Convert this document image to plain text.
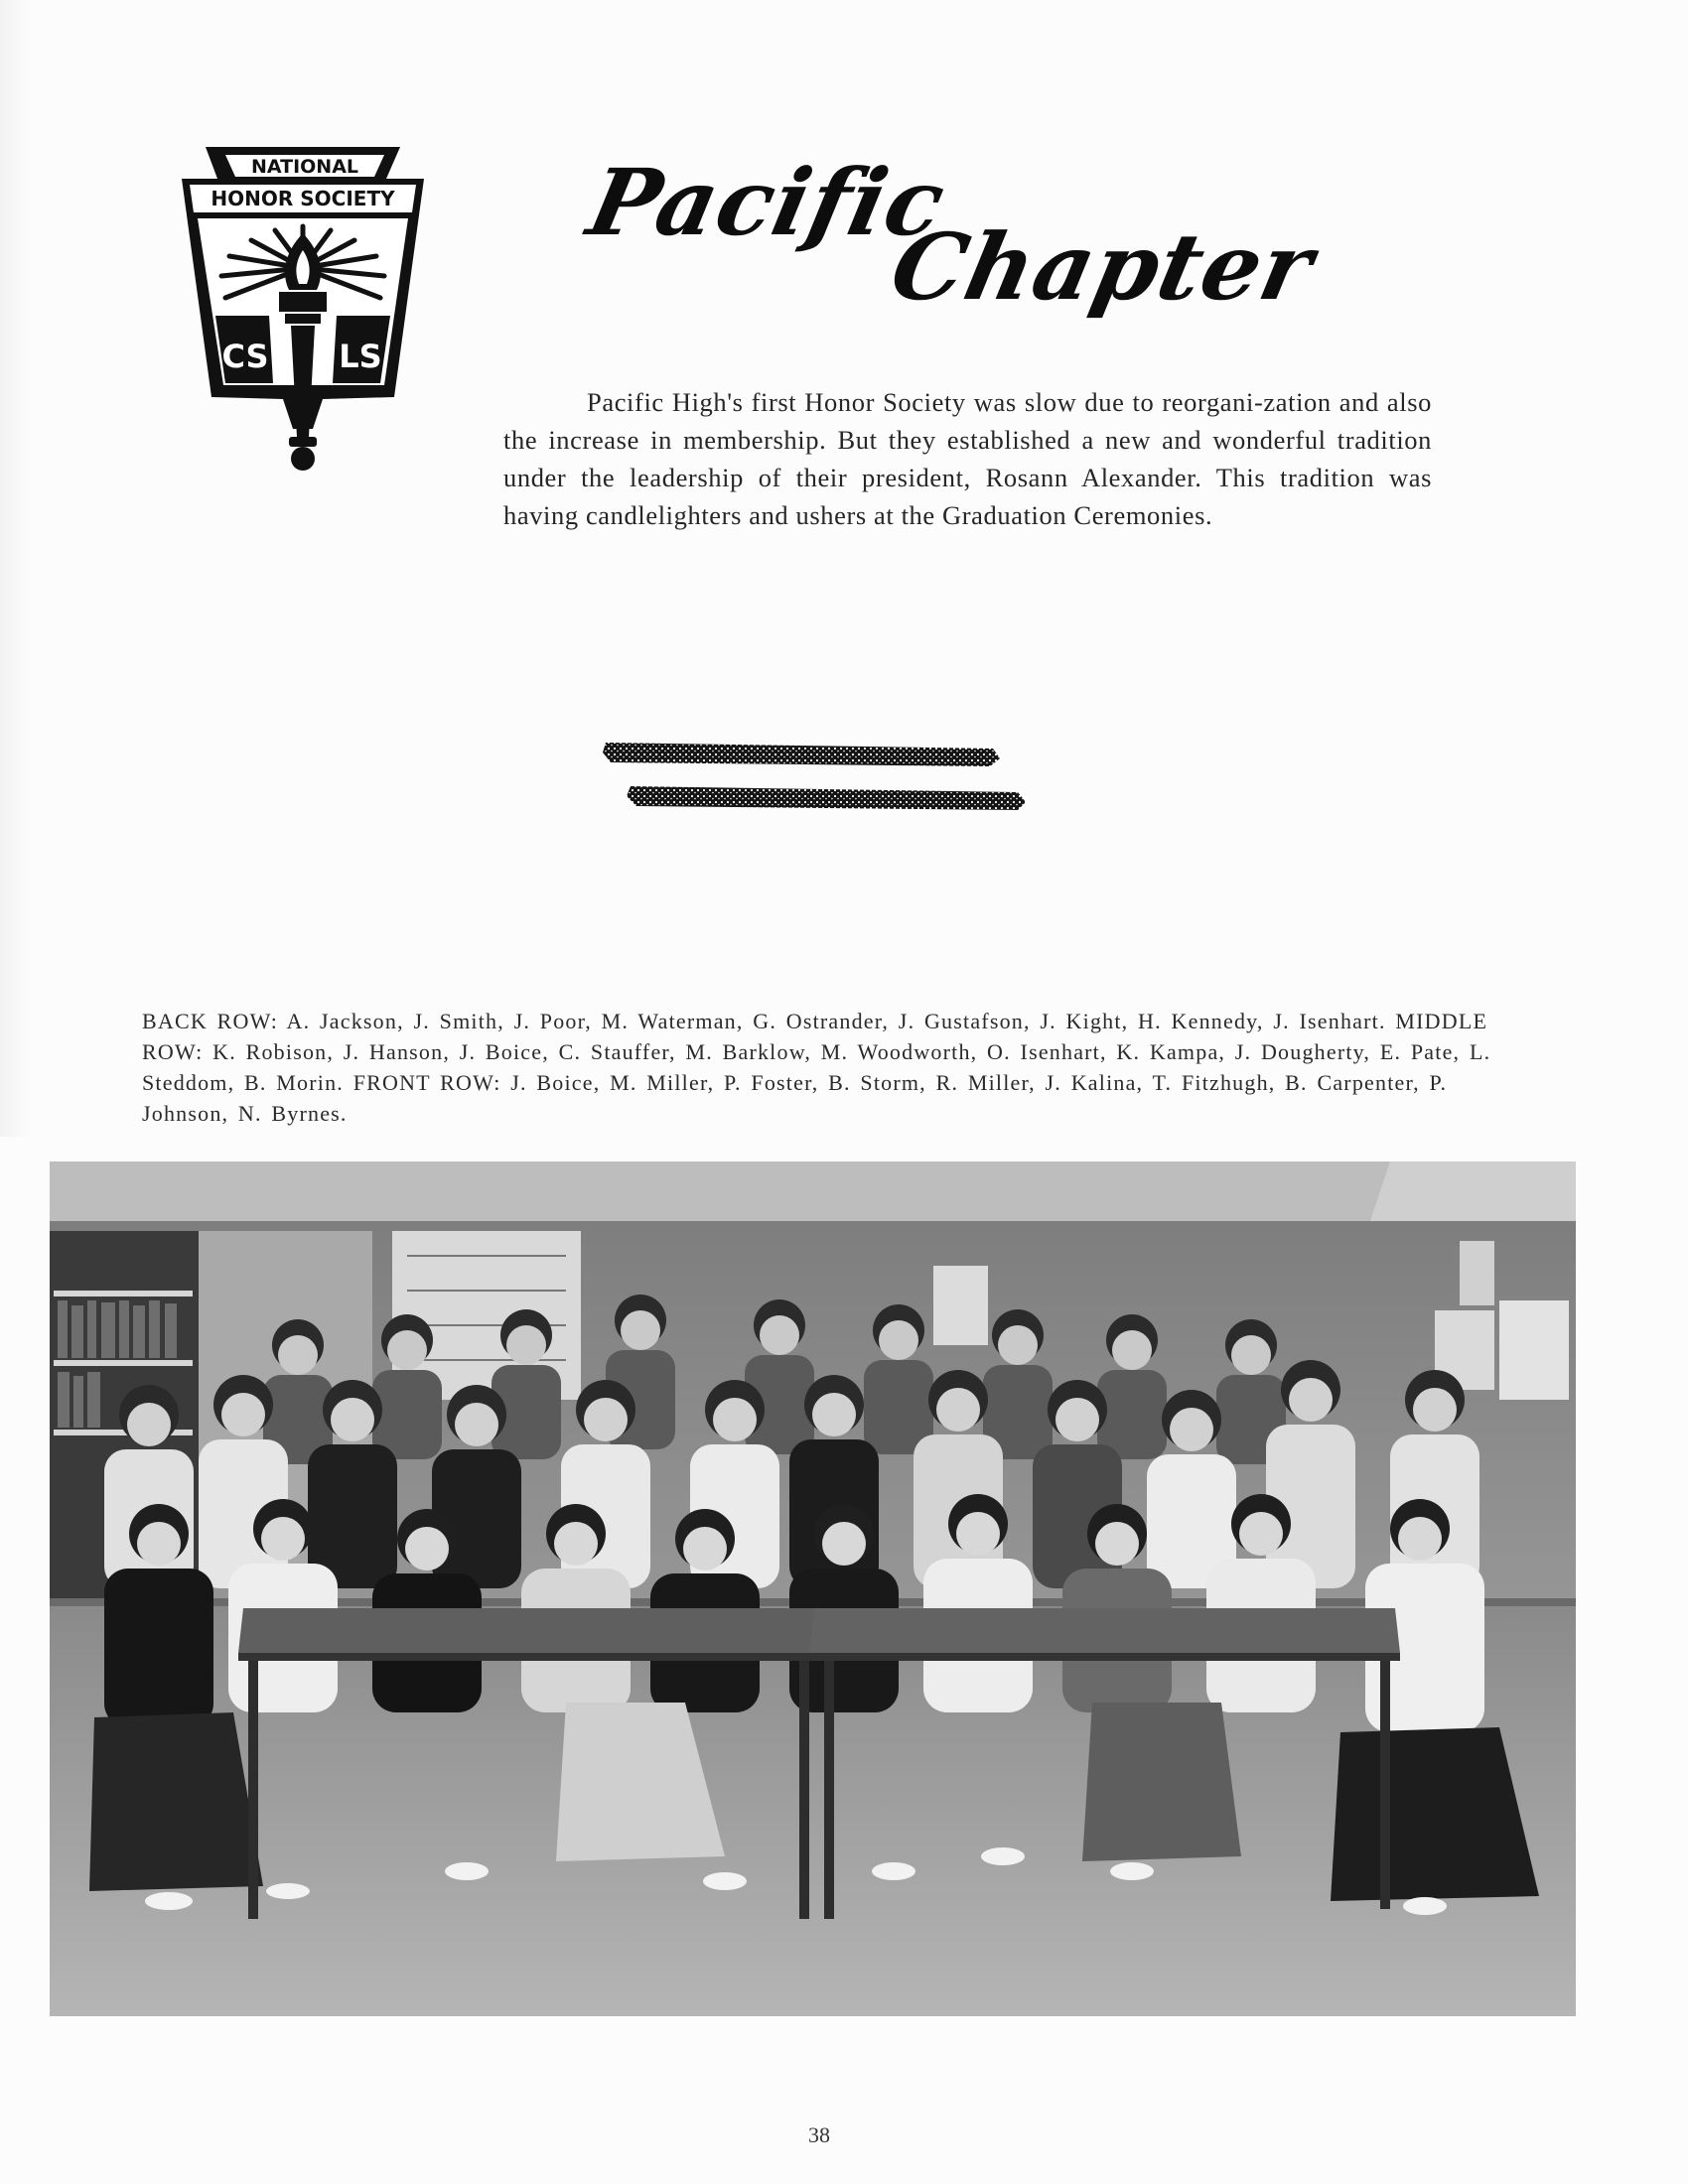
CS LS
NATIONAL
HONOR SOCIETY Pacific
Chapter

Pacific High's first Honor Society was slow due to reorgani-zation and also the increase in membership. But they established a new and wonderful tradition under the leadership of their president, Rosann Alexander. This tradition was having candlelighters and ushers at the Graduation Ceremonies.

BACK ROW: A. Jackson, J. Smith, J. Poor, M. Waterman, G. Ostrander, J. Gustafson, J. Kight, H. Kennedy, J. Isenhart. MIDDLE ROW: K. Robison, J. Hanson, J. Boice, C. Stauffer, M. Barklow, M. Woodworth, O. Isenhart, K. Kampa, J. Dougherty, E. Pate, L. Steddom, B. Morin. FRONT ROW: J. Boice, M. Miller, P. Foster, B. Storm, R. Miller, J. Kalina, T. Fitzhugh, B. Carpenter, P. Johnson, N. Byrnes.

38
